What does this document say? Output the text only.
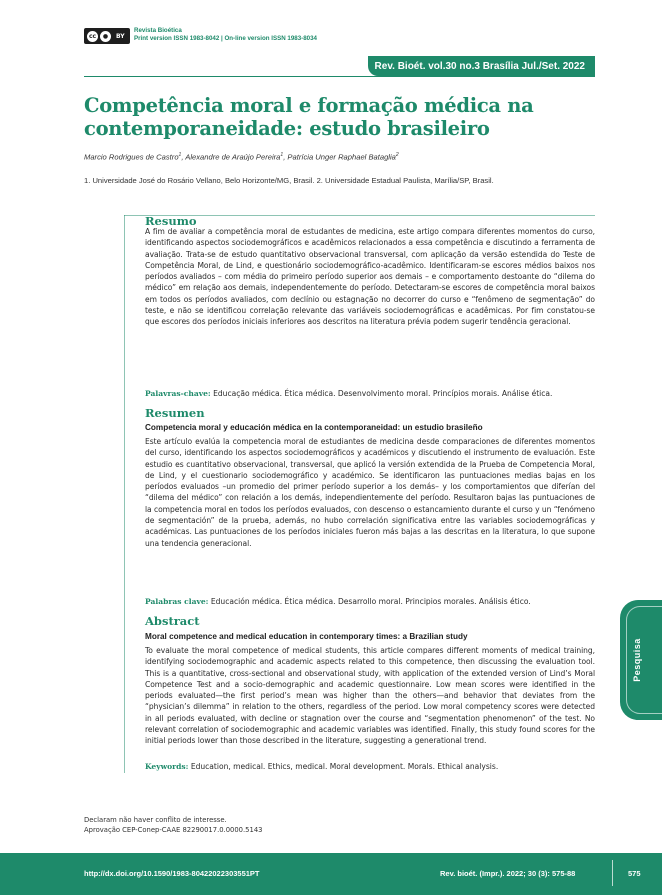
cc	●	BY
Revista Bioética
Print version ISSN 1983-8042 | On-line version ISSN 1983-8034
Rev. Bioét. vol.30 no.3 Brasília Jul./Set. 2022
Competência moral e formação médica na contemporaneidade: estudo brasileiro
Marcio Rodrigues de Castro$^1$, Alexandre de Araújo Pereira$^1$, Patrícia Unger Raphael Bataglia$^2$
1. Universidade José do Rosário Vellano, Belo Horizonte/MG, Brasil. 2. Universidade Estadual Paulista, Marília/SP, Brasil.
Resumo

A fim de avaliar a competência moral de estudantes de medicina, este artigo compara diferentes momentos do curso, identificando aspectos sociodemográficos e acadêmicos relacionados a essa competência e discutindo a ferramenta de avaliação. Trata-se de estudo quantitativo observacional transversal, com aplicação da versão estendida do Teste de Competência Moral, de Lind, e questionário sociodemográfico-acadêmico. Identificaram-se escores médios baixos nos períodos avaliados – com média do primeiro período superior aos demais – e comportamento destoante do “dilema do médico” em relação aos demais, independentemente do período. Detectaram-se escores de competência moral baixos em todos os períodos avaliados, com declínio ou estagnação no decorrer do curso e “fenômeno de segmentação” do teste, e não se identificou correlação relevante das variáveis sociodemográficas e acadêmicas. Por fim constatou-se que escores dos períodos iniciais inferiores aos descritos na literatura prévia podem sugerir tendência geracional.

Palavras-chave: Educação médica. Ética médica. Desenvolvimento moral. Princípios morais. Análise ética.
Resumen
Competencia moral y educación médica en la contemporaneidad: un estudio brasileño

Este artículo evalúa la competencia moral de estudiantes de medicina desde comparaciones de diferentes momentos del curso, identificando los aspectos sociodemográficos y académicos y discutiendo el instrumento de evaluación. Este estudio es cuantitativo observacional, transversal, que aplicó la versión extendida de la Prueba de Competencia Moral, de Lind, y el cuestionario sociodemográfico y académico. Se identificaron las puntuaciones medias bajas en los períodos evaluados –un promedio del primer período superior a los demás– y los comportamientos que diferían del “dilema del médico” con relación a los demás, independientemente del período. Resultaron bajas las puntuaciones de la competencia moral en todos los períodos evaluados, con descenso o estancamiento durante el curso y un “fenómeno de segmentación” de la prueba, además, no hubo correlación significativa entre las variables sociodemográficas y académicas. Las puntuaciones de los períodos iniciales fueron más bajas a las descritas en la literatura, lo que supone una tendencia generacional.

Palabras clave: Educación médica. Ética médica. Desarrollo moral. Principios morales. Análisis ético.
Abstract
Moral competence and medical education in contemporary times: a Brazilian study

To evaluate the moral competence of medical students, this article compares different moments of medical training, identifying sociodemographic and academic aspects related to this competence, then discussing the evaluation tool. This is a quantitative, cross-sectional and observational study, with application of the extended version of Lind’s Moral Competence Test and a socio-demographic and academic questionnaire. Low mean scores were identified in the periods evaluated—the first period’s mean was higher than the others—and behavior that deviates from the “physician’s dilemma” in relation to the others, regardless of the period. Low moral competency scores were detected in all periods evaluated, with decline or stagnation over the course and “segmentation phenomenon” of the test. No relevant correlation of sociodemographic and academic variables was identified. Finally, this study found scores for the initial periods lower than those described in the literature, suggesting a generational trend.

Keywords: Education, medical. Ethics, medical. Moral development. Morals. Ethical analysis.
Declaram não haver conflito de interesse.
Aprovação CEP-Conep-CAAE 82290017.0.0000.5143
Pesquisa
http://dx.doi.org/10.1590/1983-80422022303551PT	Rev. bioét. (Impr.). 2022; 30 (3): 575-88	575
